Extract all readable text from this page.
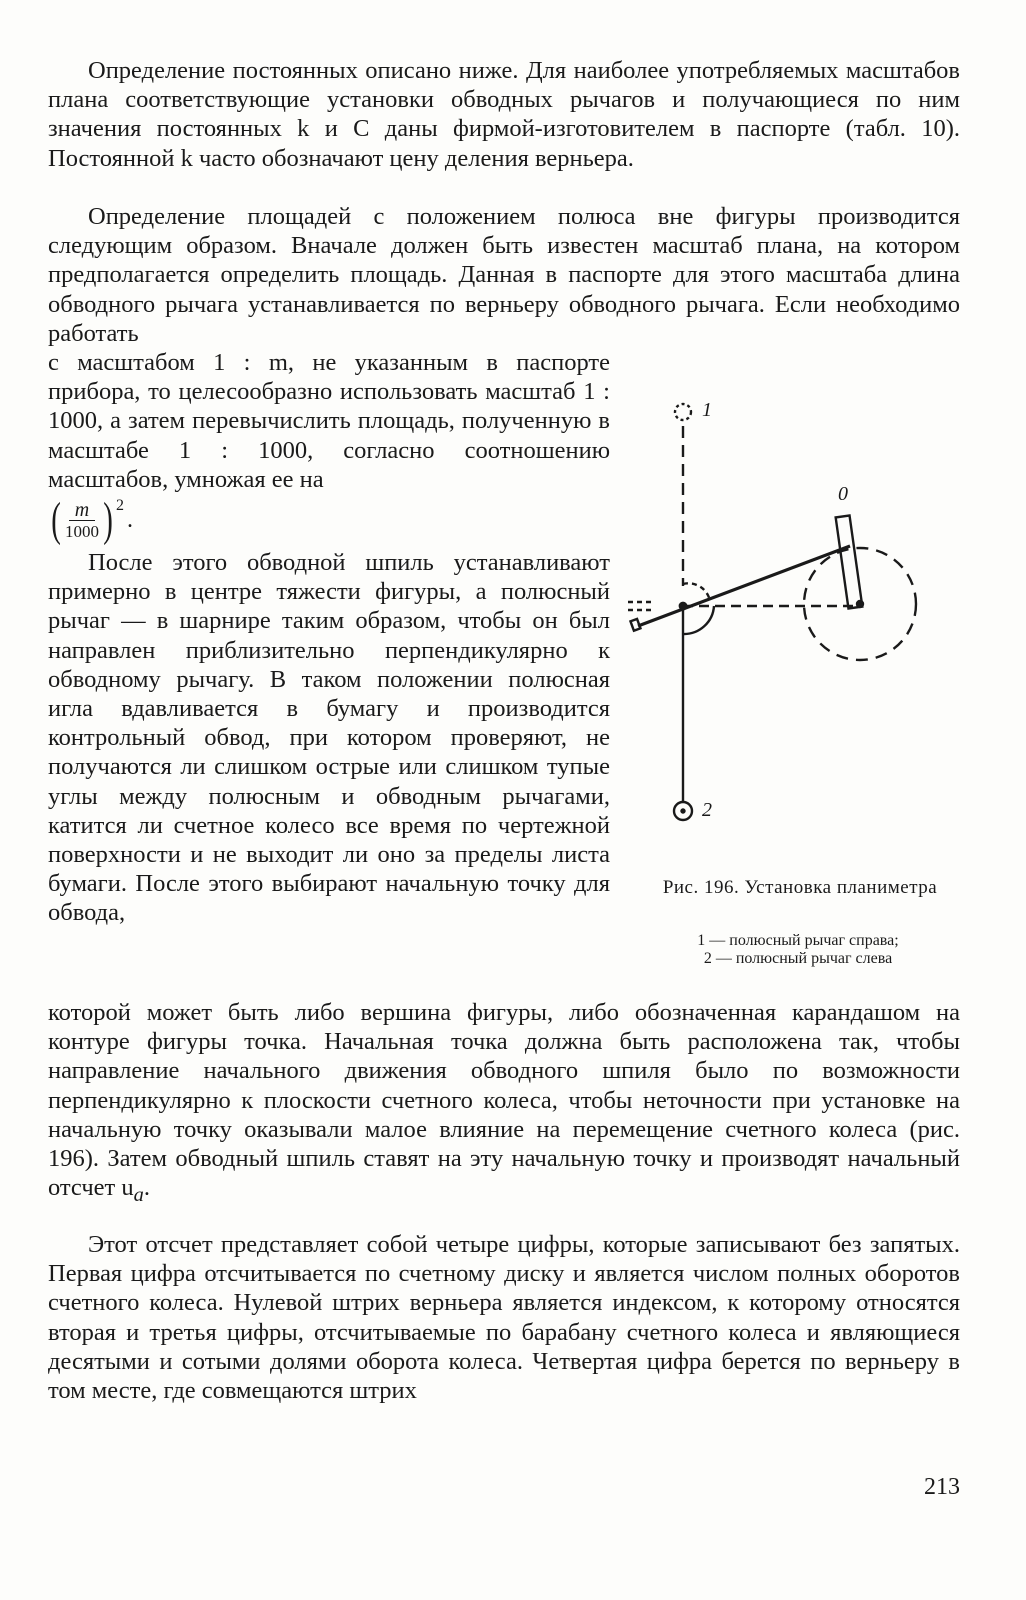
Определение постоянных описано ниже. Для наиболее употребляемых масштабов плана соответствующие установки обводных рычагов и получающиеся по ним значения постоянных k и C даны фирмой-изготовителем в паспорте (табл. 10). Постоянной k часто обозначают цену деления верньера.

Определение площадей с положением полюса вне фигуры производится следующим образом. Вначале должен быть известен масштаб плана, на котором предполагается определить площадь. Данная в паспорте для этого масштаба длина обводного рычага устанавливается по верньеру обводного рычага. Если необходимо работать

с масштабом 1 : m, не указанным в паспорте прибора, то целесообразно использовать масштаб 1 : 1000, а затем перевычислить площадь, полученную в масштабе 1 : 1000, согласно соотношению масштабов, умножая ее на

( $\frac{m}{1000}$ ) 2
.

После этого обводной шпиль устанавливают примерно в центре тяжести фигуры, а полюсный рычаг — в шарнире таким образом, чтобы он был направлен приблизительно перпендикулярно к обводному рычагу. В таком положении полюсная игла вдавливается в бумагу и производится контрольный обвод, при котором проверяют, не получаются ли слишком острые или слишком тупые углы между полюсным и обводным рычагами, катится ли счетное колесо все время по чертежной поверхности и не выходит ли оно за пределы листа бумаги. После этого выбирают начальную точку для обвода,

которой может быть либо вершина фигуры, либо обозначенная карандашом на контуре фигуры точка. Начальная точка должна быть расположена так, чтобы направление начального движения обводного шпиля было по возможности перпендикулярно к плоскости счетного колеса, чтобы неточности при установке на начальную точку оказывали малое влияние на перемещение счетного колеса (рис. 196). Затем обводный шпиль ставят на эту начальную точку и производят начальный отсчет $u_a$.

Этот отсчет представляет собой четыре цифры, которые записывают без запятых. Первая цифра отсчитывается по счетному диску и является числом полных оборотов счетного колеса. Нулевой штрих верньера является индексом, к которому относятся вторая и третья цифры, отсчитываемые по барабану счетного колеса и являющиеся десятыми и сотыми долями оборота колеса. Четвертая цифра берется по верньеру в том месте, где совмещаются штрих

1
0
2
Рис. 196. Установка планиметра
1 — полюсный рычаг справа;
2 — полюсный рычаг слева
213
